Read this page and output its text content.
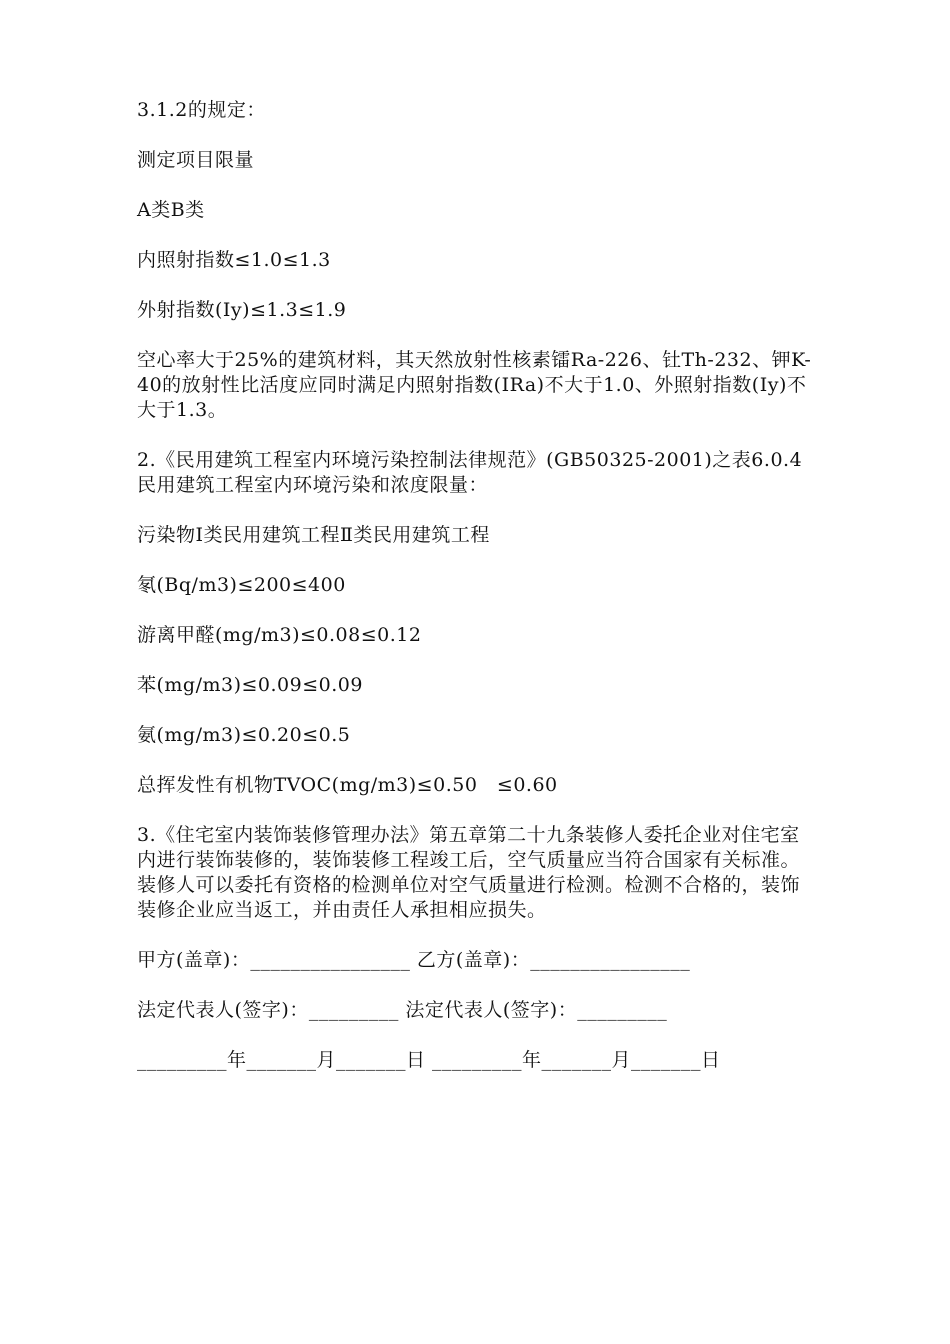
3.1.2的规定：

测定项目限量

A类B类

内照射指数≤1.0≤1.3

外射指数(Iy)≤1.3≤1.9

空心率大于25%的建筑材料，其天然放射性核素镭Ra-226、钍Th-232、钾K-40的放射性比活度应同时满足内照射指数(IRa)不大于1.0、外照射指数(Iy)不大于1.3。

2.《民用建筑工程室内环境污染控制法律规范》(GB50325-2001)之表6.0.4 民用建筑工程室内环境污染和浓度限量：

污染物Ⅰ类民用建筑工程Ⅱ类民用建筑工程

氡(Bq/m3)≤200≤400

游离甲醛(mg/m3)≤0.08≤0.12

苯(mg/m3)≤0.09≤0.09

氨(mg/m3)≤0.20≤0.5

总挥发性有机物TVOC(mg/m3)≤0.50　≤0.60

3.《住宅室内装饰装修管理办法》第五章第二十九条装修人委托企业对住宅室内进行装饰装修的，装饰装修工程竣工后，空气质量应当符合国家有关标准。装修人可以委托有资格的检测单位对空气质量进行检测。检测不合格的，装饰装修企业应当返工，并由责任人承担相应损失。

甲方(盖章)：________________ 乙方(盖章)：________________

法定代表人(签字)：_________ 法定代表人(签字)：_________

_________年_______月_______日 _________年_______月_______日
